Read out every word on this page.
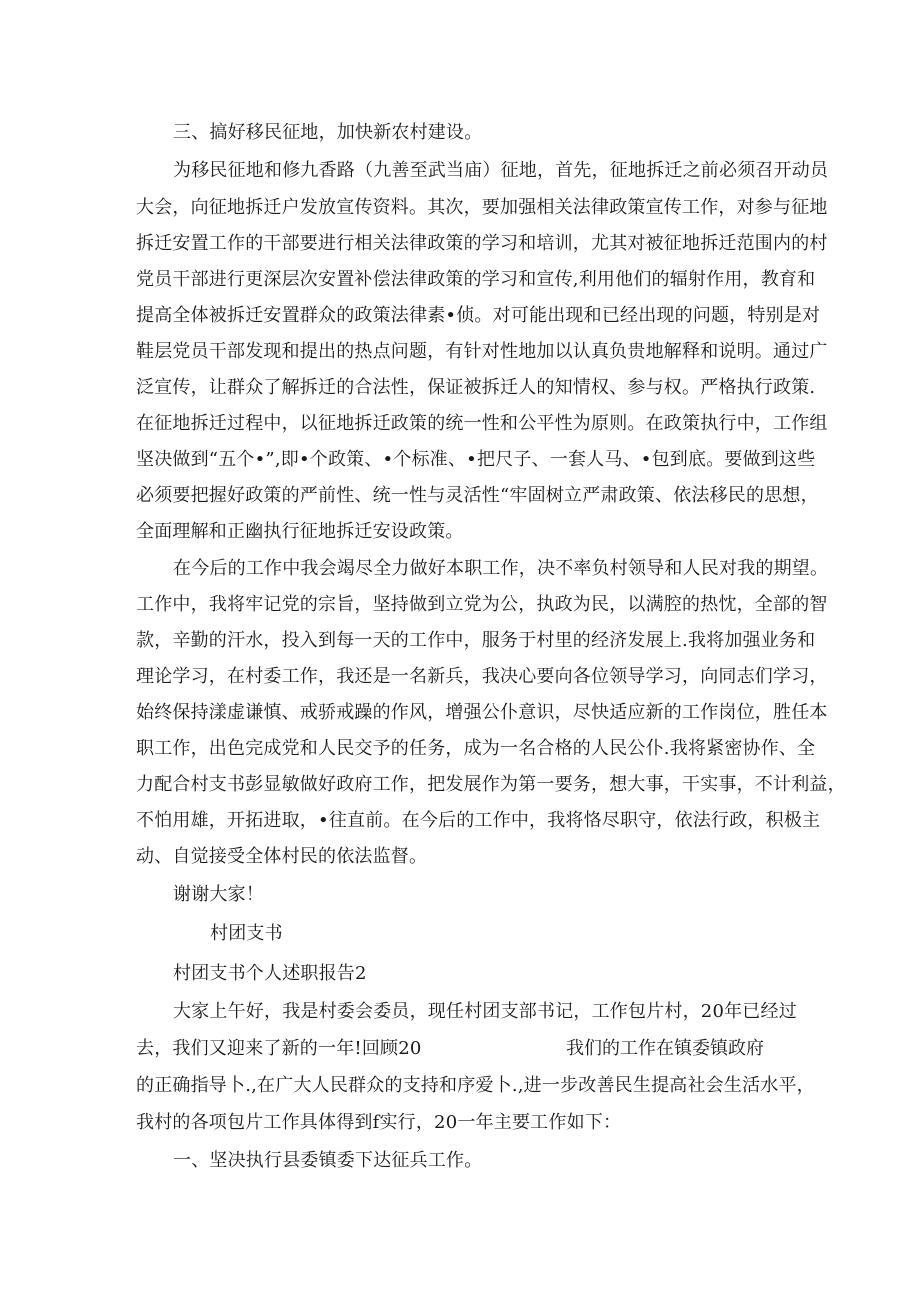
三、搞好移民征地，加快新农村建设。
为移民征地和修九香路（九善至武当庙）征地，首先，征地拆迁之前必须召开动员
大会，向征地拆迁户发放宣传资料。其次，要加强相关法律政策宣传工作，对参与征地
拆迁安置工作的干部要进行相关法律政策的学习和培训，尤其对被征地拆迁范围内的村
党员干部进行更深层次安置补偿法律政策的学习和宣传,利用他们的辐射作用，教育和
提高全体被拆迁安置群众的政策法律素•侦。对可能出现和已经出现的问题，特别是对
鞋层党员干部发现和提出的热点问题，有针对性地加以认真负贵地解释和说明。通过广
泛宣传，让群众了解拆迁的合法性，保证被拆迁人的知情权、参与权。严格执行政策.
在征地拆迁过程中，以征地拆迁政策的统一性和公平性为原则。在政策执行中，工作组
坚决做到“五个•”,即•个政策、•个标准、•把尺子、一套人马、•包到底。要做到这些
必须要把握好政策的严前性、统一性与灵活性“牢固树立严肃政策、依法移民的思想，
全面理解和正幽执行征地拆迁安设政策。
在今后的工作中我会竭尽全力做好本职工作，决不率负村领导和人民对我的期望。
工作中，我将牢记党的宗旨，坚持做到立党为公，执政为民，以满腔的热忱，全部的智
款，辛勤的汗水，投入到每一天的工作中，服务于村里的经济发展上.我将加强业务和
理论学习，在村委工作，我还是一名新兵，我决心要向各位领导学习，向同志们学习，
始终保持漾虚谦慎、戒骄戒躁的作风，增强公仆意识，尽快适应新的工作岗位，胜任本
职工作，出色完成党和人民交予的任务，成为一名合格的人民公仆.我将紧密协作、全
力配合村支书彭显敏做好政府工作，把发展作为第一要务，想大事，干实事，不计利益，
不怕用雄，开拓进取，•往直前。在今后的工作中，我将恪尽职守，依法行政，积极主
动、自觉接受全体村民的依法监督。
谢谢大家！
村团支书
村团支书个人述职报告2
大家上午好，我是村委会委员，现任村团支部书记，工作包片村，20年已经过
去，我们又迎来了新的一年!回顾20	我们的工作在镇委镇政府
的正确指导卜.,在广大人民群众的支持和序爱卜.,进一步改善民生提高社会生活水平，
我村的各项包片工作具体得到f实行，20一年主要工作如下：
一、坚决执行县委镇委下达征兵工作。
